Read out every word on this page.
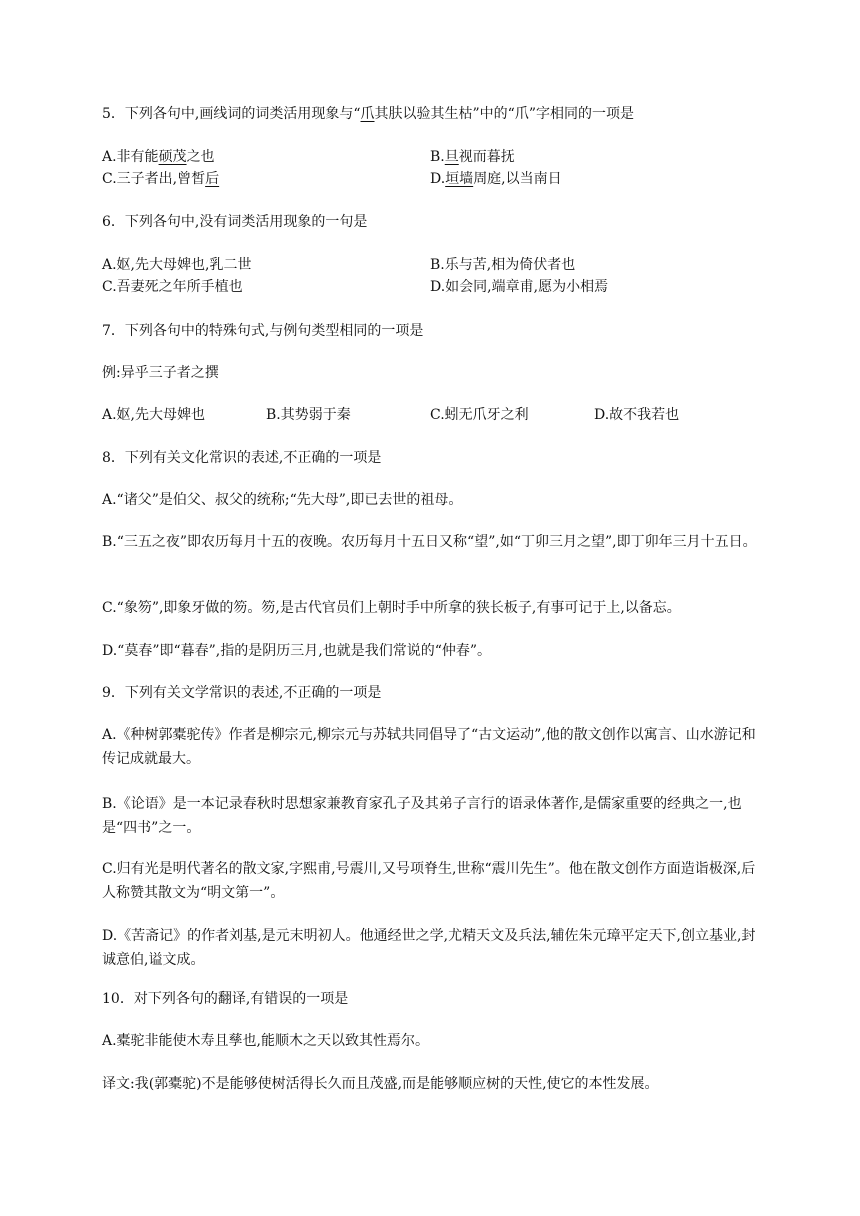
5．下列各句中,画线词的词类活用现象与“爪其肤以验其生枯”中的“爪”字相同的一项是
A.非有能硕茂之也	B.旦视而暮抚
C.三子者出,曾皙后	D.垣墙周庭,以当南日
6．下列各句中,没有词类活用现象的一句是
A.妪,先大母婢也,乳二世	B.乐与苦,相为倚伏者也
C.吾妻死之年所手植也	D.如会同,端章甫,愿为小相焉
7．下列各句中的特殊句式,与例句类型相同的一项是
例:异乎三子者之撰
A.妪,先大母婢也	B.其势弱于秦	C.蚓无爪牙之利	D.故不我若也
8．下列有关文化常识的表述,不正确的一项是
A.“诸父”是伯父、叔父的统称;“先大母”,即已去世的祖母。
B.“三五之夜”即农历每月十五的夜晚。农历每月十五日又称“望”,如“丁卯三月之望”,即丁卯年三月十五日。
C.“象笏”,即象牙做的笏。笏,是古代官员们上朝时手中所拿的狭长板子,有事可记于上,以备忘。
D.“莫春”即“暮春”,指的是阴历三月,也就是我们常说的“仲春”。
9．下列有关文学常识的表述,不正确的一项是
A.《种树郭橐驼传》作者是柳宗元,柳宗元与苏轼共同倡导了“古文运动”,他的散文创作以寓言、山水游记和传记成就最大。
B.《论语》是一本记录春秋时思想家兼教育家孔子及其弟子言行的语录体著作,是儒家重要的经典之一,也是“四书”之一。
C.归有光是明代著名的散文家,字熙甫,号震川,又号项脊生,世称“震川先生”。他在散文创作方面造诣极深,后人称赞其散文为“明文第一”。
D.《苦斋记》的作者刘基,是元末明初人。他通经世之学,尤精天文及兵法,辅佐朱元璋平定天下,创立基业,封诚意伯,谥文成。
10．对下列各句的翻译,有错误的一项是
A.橐驼非能使木寿且孳也,能顺木之天以致其性焉尔。
译文:我(郭橐驼)不是能够使树活得长久而且茂盛,而是能够顺应树的天性,使它的本性发展。
